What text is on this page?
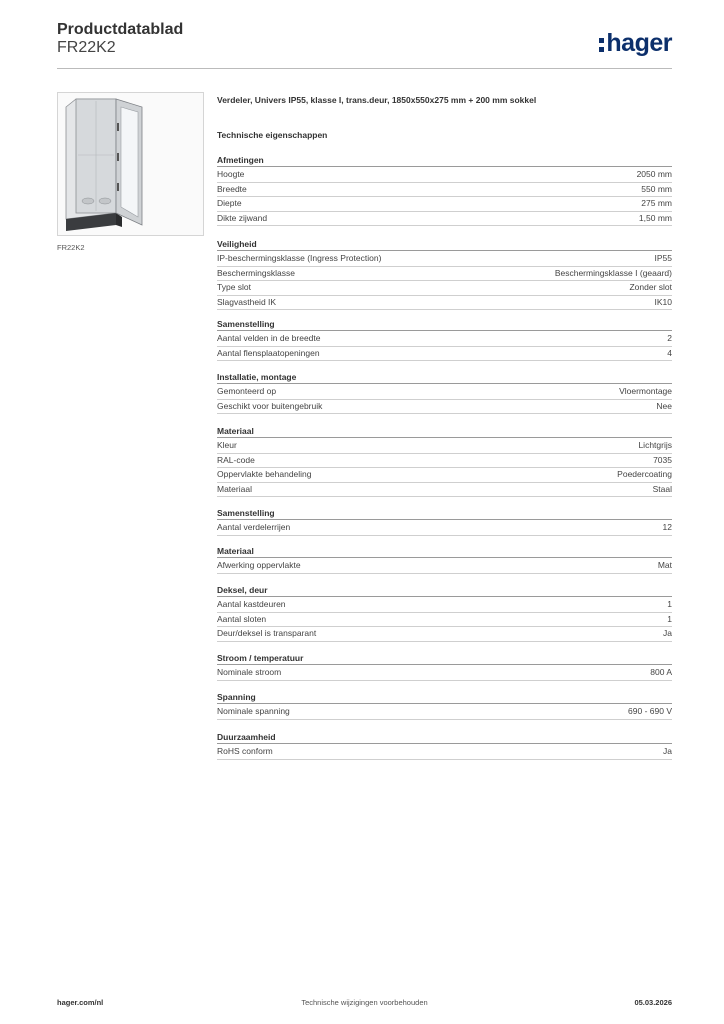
Productdatablad
FR22K2	hager
FR22K2
Verdeler, Univers IP55, klasse I, trans.deur, 1850x550x275 mm + 200 mm sokkel
Technische eigenschappen
Afmetingen
Hoogte	2050 mm
Breedte	550 mm
Diepte	275 mm
Dikte zijwand	1,50 mm
Veiligheid
IP-beschermingsklasse (Ingress Protection)	IP55
Beschermingsklasse	Beschermingsklasse I (geaard)
Type slot	Zonder slot
Slagvastheid IK	IK10
Samenstelling
Aantal velden in de breedte	2
Aantal flensplaatopeningen	4
Installatie, montage
Gemonteerd op	Vloermontage
Geschikt voor buitengebruik	Nee
Materiaal
Kleur	Lichtgrijs
RAL-code	7035
Oppervlakte behandeling	Poedercoating
Materiaal	Staal
Samenstelling
Aantal verdelerrijen	12
Materiaal
Afwerking oppervlakte	Mat
Deksel, deur
Aantal kastdeuren	1
Aantal sloten	1
Deur/deksel is transparant	Ja
Stroom / temperatuur
Nominale stroom	800 A
Spanning
Nominale spanning	690 - 690 V
Duurzaamheid
RoHS conform	Ja
hager.com/nl	Technische wijzigingen voorbehouden	05.03.2026
